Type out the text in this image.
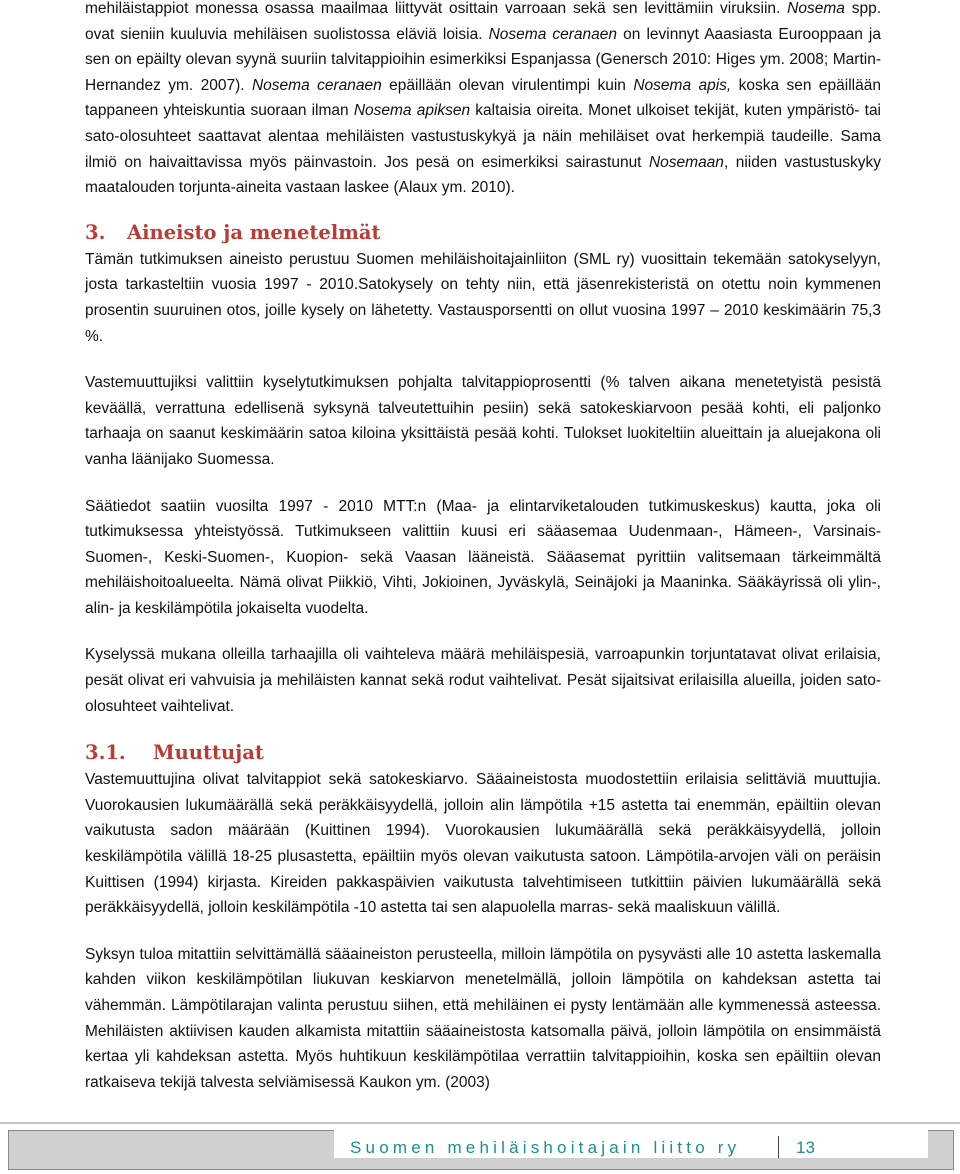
mehiläistappiot monessa osassa maailmaa liittyvät osittain varroaan sekä sen levittämiin viruksiin. Nosema spp. ovat sieniin kuuluvia mehiläisen suolistossa eläviä loisia. Nosema ceranaen on levinnyt Aaasiasta Eurooppaan ja sen on epäilty olevan syynä suuriin talvitappioihin esimerkiksi Espanjassa (Genersch 2010: Higes ym. 2008; Martin-Hernandez ym. 2007). Nosema ceranaen epäillään olevan virulentimpi kuin Nosema apis, koska sen epäillään tappaneen yhteiskuntia suoraan ilman Nosema apiksen kaltaisia oireita. Monet ulkoiset tekijät, kuten ympäristö- tai sato-olosuhteet saattavat alentaa mehiläisten vastustuskykyä ja näin mehiläiset ovat herkempiä taudeille. Sama ilmiö on haivaittavissa myös päinvastoin. Jos pesä on esimerkiksi sairastunut Nosemaan, niiden vastustuskyky maatalouden torjunta-aineita vastaan laskee (Alaux ym. 2010).

3. Aineisto ja menetelmät

Tämän tutkimuksen aineisto perustuu Suomen mehiläishoitajainliiton (SML ry) vuosittain tekemään satokyselyyn, josta tarkasteltiin vuosia 1997 - 2010.Satokysely on tehty niin, että jäsenrekisteristä on otettu noin kymmenen prosentin suuruinen otos, joille kysely on lähetetty. Vastausporsentti on ollut vuosina 1997 – 2010 keskimäärin 75,3 %.

Vastemuuttujiksi valittiin kyselytutkimuksen pohjalta talvitappioprosentti (% talven aikana menetetyistä pesistä keväällä, verrattuna edellisenä syksynä talveutettuihin pesiin) sekä satokeskiarvoon pesää kohti, eli paljonko tarhaaja on saanut keskimäärin satoa kiloina yksittäistä pesää kohti. Tulokset luokiteltiin alueittain ja aluejakona oli vanha läänijako Suomessa.

Säätiedot saatiin vuosilta 1997 - 2010 MTT:n (Maa- ja elintarviketalouden tutkimuskeskus) kautta, joka oli tutkimuksessa yhteistyössä. Tutkimukseen valittiin kuusi eri sääasemaa Uudenmaan-, Hämeen-, Varsinais-Suomen-, Keski-Suomen-, Kuopion- sekä Vaasan lääneistä. Sääasemat pyrittiin valitsemaan tärkeimmältä mehiläishoitoalueelta. Nämä olivat Piikkiö, Vihti, Jokioinen, Jyväskylä, Seinäjoki ja Maaninka. Sääkäyrissä oli ylin-, alin- ja keskilämpötila jokaiselta vuodelta.

Kyselyssä mukana olleilla tarhaajilla oli vaihteleva määrä mehiläispesiä, varroapunkin torjuntatavat olivat erilaisia, pesät olivat eri vahvuisia ja mehiläisten kannat sekä rodut vaihtelivat. Pesät sijaitsivat erilaisilla alueilla, joiden sato-olosuhteet vaihtelivat.

3.1. Muuttujat

Vastemuuttujina olivat talvitappiot sekä satokeskiarvo. Sääaineistosta muodostettiin erilaisia selittäviä muuttujia. Vuorokausien lukumäärällä sekä peräkkäisyydellä, jolloin alin lämpötila +15 astetta tai enemmän, epäiltiin olevan vaikutusta sadon määrään (Kuittinen 1994). Vuorokausien lukumäärällä sekä peräkkäisyydellä, jolloin keskilämpötila välillä 18-25 plusastetta, epäiltiin myös olevan vaikutusta satoon. Lämpötila-arvojen väli on peräisin Kuittisen (1994) kirjasta. Kireiden pakkaspäivien vaikutusta talvehtimiseen tutkittiin päivien lukumäärällä sekä peräkkäisyydellä, jolloin keskilämpötila -10 astetta tai sen alapuolella marras- sekä maaliskuun välillä.

Syksyn tuloa mitattiin selvittämällä sääaineiston perusteella, milloin lämpötila on pysyvästi alle 10 astetta laskemalla kahden viikon keskilämpötilan liukuvan keskiarvon menetelmällä, jolloin lämpötila on kahdeksan astetta tai vähemmän. Lämpötilarajan valinta perustuu siihen, että mehiläinen ei pysty lentämään alle kymmenessä asteessa. Mehiläisten aktiivisen kauden alkamista mitattiin sääaineistosta katsomalla päivä, jolloin lämpötila on ensimmäistä kertaa yli kahdeksan astetta. Myös huhtikuun keskilämpötilaa verrattiin talvitappioihin, koska sen epäiltiin olevan ratkaiseva tekijä talvesta selviämisessä Kaukon ym. (2003)

Suomen mehiläishoitajain liitto ry	13
